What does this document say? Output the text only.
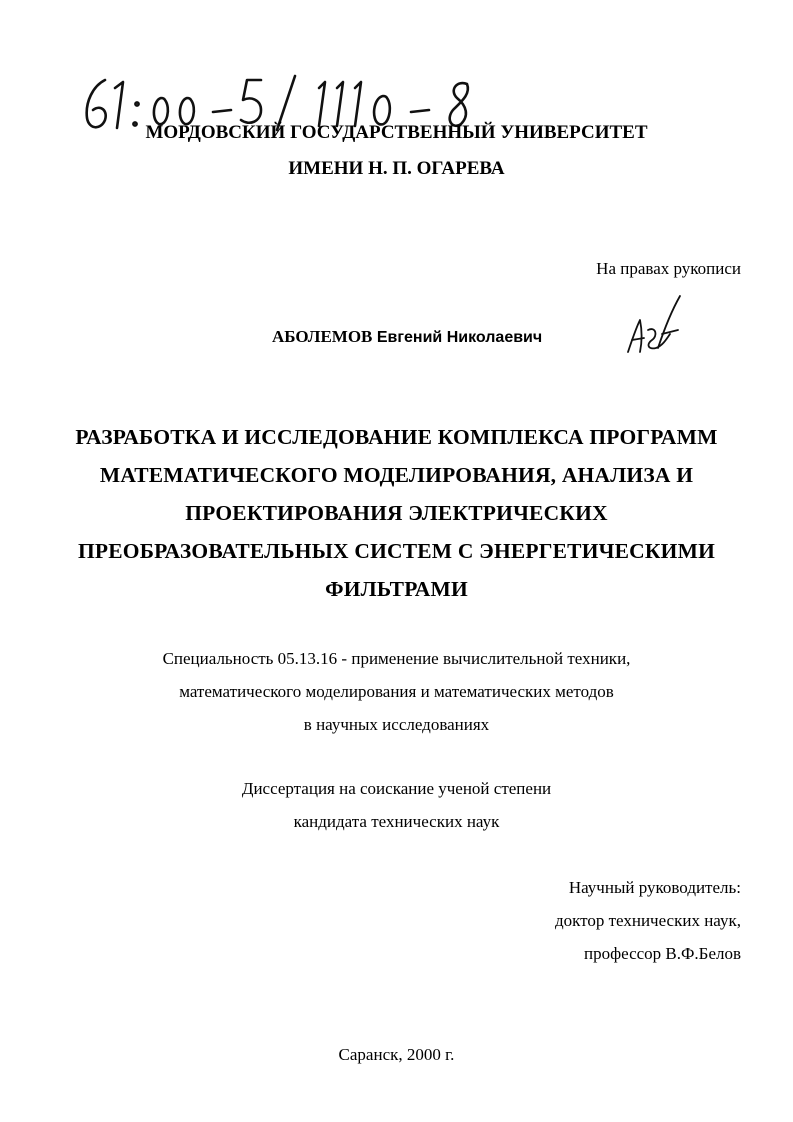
МОРДОВСКИЙ ГОСУДАРСТВЕННЫЙ УНИВЕРСИТЕТ
ИМЕНИ Н. П. ОГАРЕВА
На правах рукописи
АБОЛЕМОВ Евгений Николаевич
РАЗРАБОТКА И ИССЛЕДОВАНИЕ КОМПЛЕКСА ПРОГРАММ
МАТЕМАТИЧЕСКОГО МОДЕЛИРОВАНИЯ, АНАЛИЗА И
ПРОЕКТИРОВАНИЯ ЭЛЕКТРИЧЕСКИХ
ПРЕОБРАЗОВАТЕЛЬНЫХ СИСТЕМ С ЭНЕРГЕТИЧЕСКИМИ
ФИЛЬТРАМИ
Специальность 05.13.16 - применение вычислительной техники,
математического моделирования и математических методов
в научных исследованиях
Диссертация на соискание ученой степени
кандидата технических наук
Научный руководитель:
доктор технических наук,
профессор В.Ф.Белов
Саранск, 2000 г.
